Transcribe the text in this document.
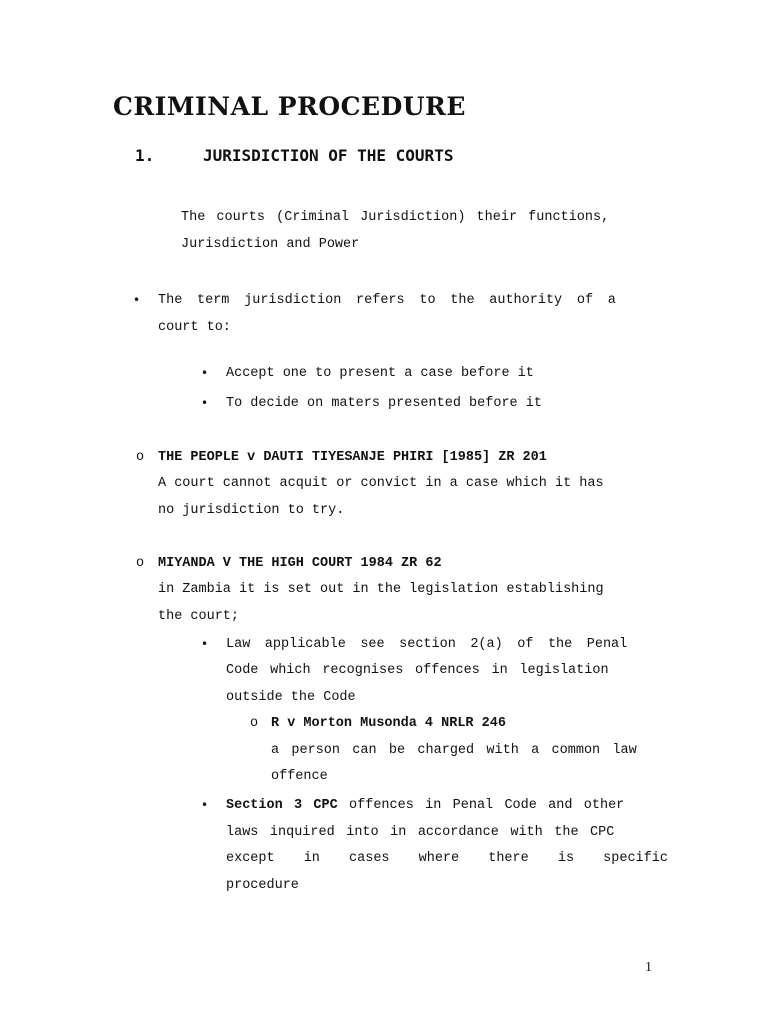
CRIMINAL PROCEDURE
1.	JURISDICTION OF THE COURTS
The courts (Criminal Jurisdiction) their functions,
Jurisdiction and Power
• The term jurisdiction refers to the authority of a
court to:
• Accept one to present a case before it
• To decide on maters presented before it
o THE PEOPLE v DAUTI TIYESANJE PHIRI [1985] ZR 201
A court cannot acquit or convict in a case which it has
no jurisdiction to try.
o MIYANDA V THE HIGH COURT 1984 ZR 62
in Zambia it is set out in the legislation establishing
the court;
• Law applicable see section 2(a) of the Penal
Code which recognises offences in legislation
outside the Code
o R v Morton Musonda 4 NRLR 246
a person can be charged with a common law
offence
• Section 3 CPC offences in Penal Code and other
laws inquired into in accordance with the CPC
except in cases where there is specific
procedure
1
